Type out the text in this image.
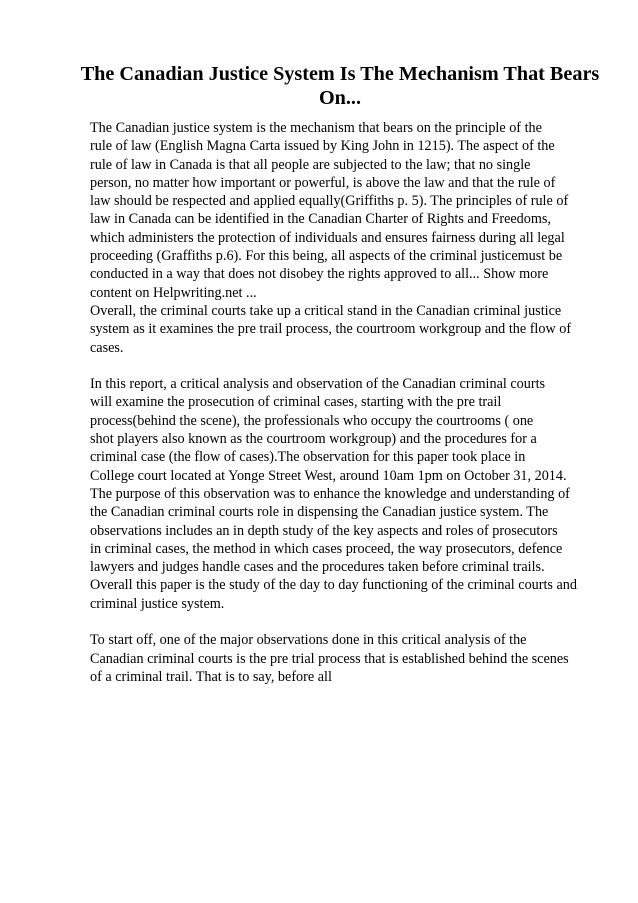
The Canadian Justice System Is The Mechanism That Bears
On...

The Canadian justice system is the mechanism that bears on the principle of the
rule of law (English Magna Carta issued by King John in 1215). The aspect of the
rule of law in Canada is that all people are subjected to the law; that no single
person, no matter how important or powerful, is above the law and that the rule of
law should be respected and applied equally(Griffiths p. 5). The principles of rule of
law in Canada can be identified in the Canadian Charter of Rights and Freedoms,
which administers the protection of individuals and ensures fairness during all legal
proceeding (Graffiths p.6). For this being, all aspects of the criminal justicemust be
conducted in a way that does not disobey the rights approved to all... Show more
content on Helpwriting.net ...

Overall, the criminal courts take up a critical stand in the Canadian criminal justice
system as it examines the pre trail process, the courtroom workgroup and the flow of
cases.

In this report, a critical analysis and observation of the Canadian criminal courts
will examine the prosecution of criminal cases, starting with the pre trail
process(behind the scene), the professionals who occupy the courtrooms ( one
shot players also known as the courtroom workgroup) and the procedures for a
criminal case (the flow of cases).The observation for this paper took place in
College court located at Yonge Street West, around 10am 1pm on October 31, 2014.
The purpose of this observation was to enhance the knowledge and understanding of
the Canadian criminal courts role in dispensing the Canadian justice system. The
observations includes an in depth study of the key aspects and roles of prosecutors
in criminal cases, the method in which cases proceed, the way prosecutors, defence
lawyers and judges handle cases and the procedures taken before criminal trails.
Overall this paper is the study of the day to day functioning of the criminal courts and
criminal justice system.

To start off, one of the major observations done in this critical analysis of the
Canadian criminal courts is the pre trial process that is established behind the scenes
of a criminal trail. That is to say, before all
